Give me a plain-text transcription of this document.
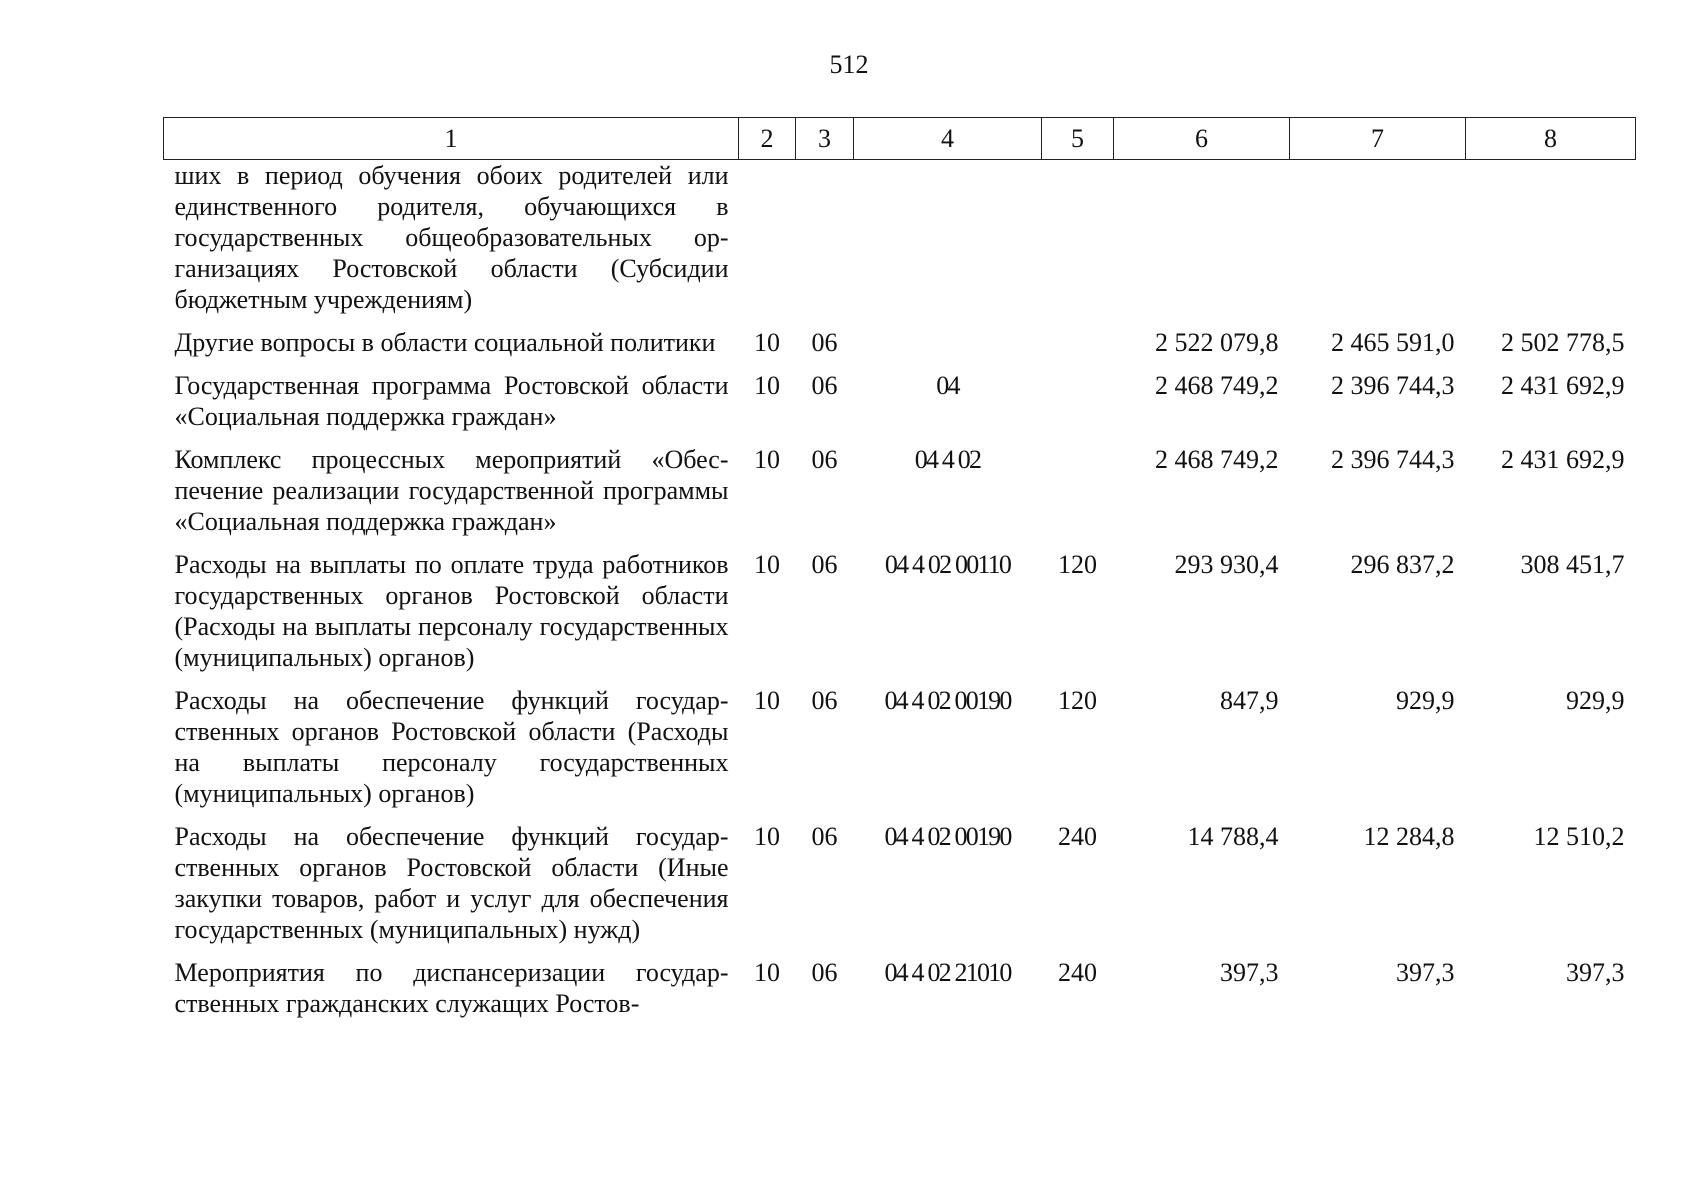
512
1	2	3	4	5	6	7	8
ших в период обучения обоих родителей или единственного родителя, обучающихся в государственных общеобразовательных организациях Ростовской области (Субсидии бюджетным учреждениям)							
Другие вопросы в области социальной политики	10	06			2 522 079,8	2 465 591,0	2 502 778,5
Государственная программа Ростовской области «Социальная поддержка граждан»	10	06	04		2 468 749,2	2 396 744,3	2 431 692,9
Комплекс процессных мероприятий «Обеспечение реализации государственной программы «Социальная поддержка граждан»	10	06	04 4 02		2 468 749,2	2 396 744,3	2 431 692,9
Расходы на выплаты по оплате труда работников государственных органов Ростовской области (Расходы на выплаты персоналу государственных (муниципальных) органов)	10	06	04 4 02 00110	120	293 930,4	296 837,2	308 451,7
Расходы на обеспечение функций государственных органов Ростовской области (Расходы на выплаты персоналу государственных (муниципальных) органов)	10	06	04 4 02 00190	120	847,9	929,9	929,9
Расходы на обеспечение функций государственных органов Ростовской области (Иные закупки товаров, работ и услуг для обеспечения государственных (муниципальных) нужд)	10	06	04 4 02 00190	240	14 788,4	12 284,8	12 510,2
Мероприятия по диспансеризации государственных гражданских служащих Ростов-	10	06	04 4 02 21010	240	397,3	397,3	397,3
